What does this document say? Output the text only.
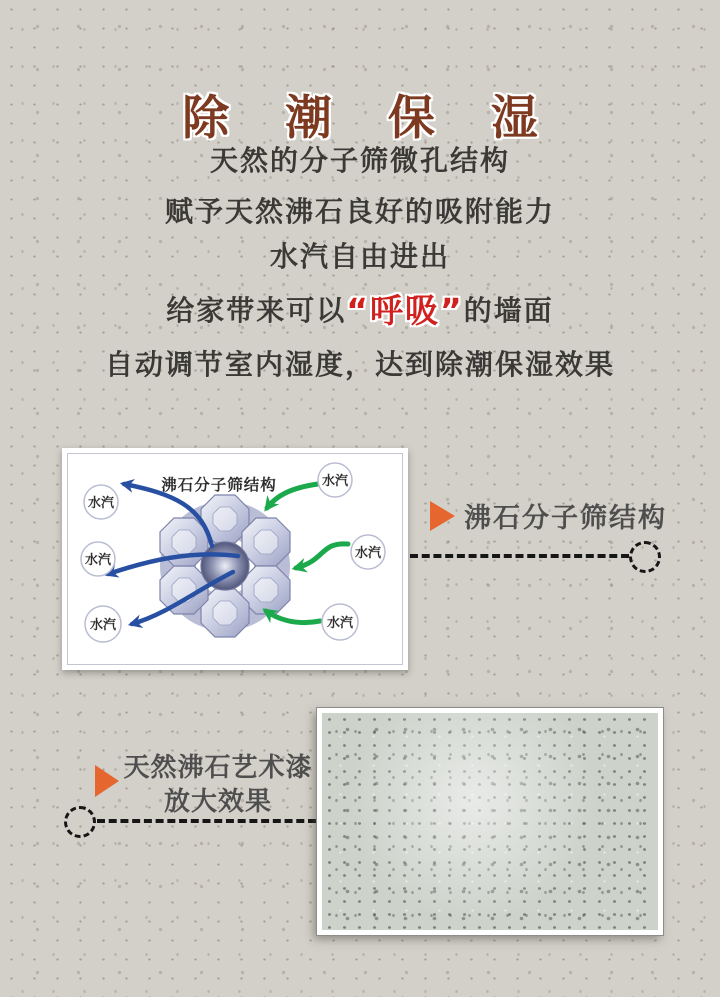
除 潮 保 湿
天然的分子筛微孔结构
赋予天然沸石良好的吸附能力
水汽自由进出
给家带来可以“呼吸”的墙面
自动调节室内湿度，达到除潮保湿效果
沸石分子筛结构
水汽
水汽
水汽
水汽
水汽
水汽
沸石分子筛结构
天然沸石艺术漆
放大效果
